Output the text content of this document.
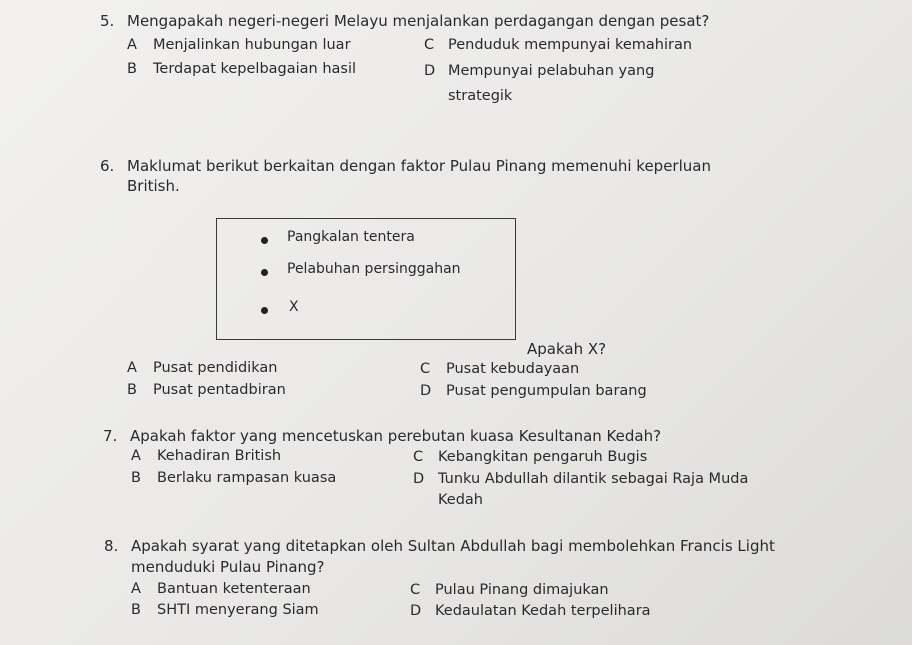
5. Mengapakah negeri-negeri Melayu menjalankan perdagangan dengan pesat?
A Menjalinkan hubungan luar
B Terdapat kepelbagaian hasil
C Penduduk mempunyai kemahiran
D Mempunyai pelabuhan yang
strategik
6. Maklumat berikut berkaitan dengan faktor Pulau Pinang memenuhi keperluan
British.
Pangkalan tentera
Pelabuhan persinggahan
X
Apakah X?
A Pusat pendidikan
B Pusat pentadbiran
C Pusat kebudayaan
D Pusat pengumpulan barang
7. Apakah faktor yang mencetuskan perebutan kuasa Kesultanan Kedah?
A Kehadiran British
B Berlaku rampasan kuasa
C Kebangkitan pengaruh Bugis
D Tunku Abdullah dilantik sebagai Raja Muda
Kedah
8. Apakah syarat yang ditetapkan oleh Sultan Abdullah bagi membolehkan Francis Light
menduduki Pulau Pinang?
A Bantuan ketenteraan
B SHTI menyerang Siam
C Pulau Pinang dimajukan
D Kedaulatan Kedah terpelihara
